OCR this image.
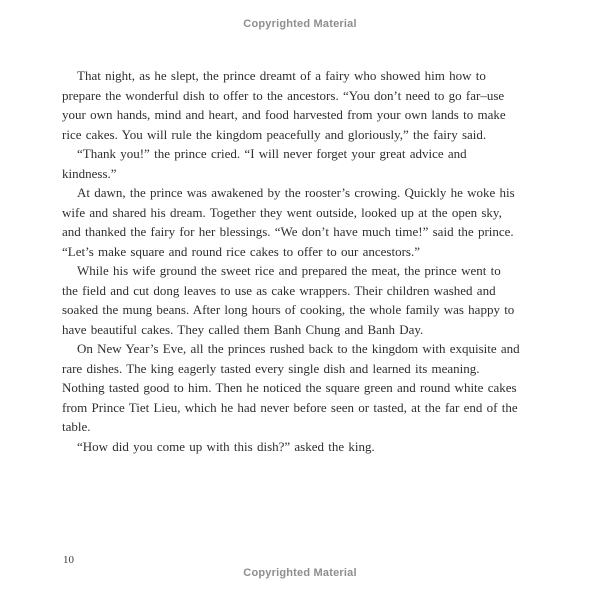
Copyrighted Material

That night, as he slept, the prince dreamt of a fairy who showed him how to prepare the wonderful dish to offer to the ancestors. “You don’t need to go far–use your own hands, mind and heart, and food harvested from your own lands to make rice cakes. You will rule the kingdom peacefully and gloriously,” the fairy said.

“Thank you!” the prince cried. “I will never forget your great advice and kindness.”

At dawn, the prince was awakened by the rooster’s crowing. Quickly he woke his wife and shared his dream. Together they went outside, looked up at the open sky, and thanked the fairy for her blessings. “We don’t have much time!” said the prince. “Let’s make square and round rice cakes to offer to our ancestors.”

While his wife ground the sweet rice and prepared the meat, the prince went to the field and cut dong leaves to use as cake wrappers. Their children washed and soaked the mung beans. After long hours of cooking, the whole family was happy to have beautiful cakes. They called them Banh Chung and Banh Day.

On New Year’s Eve, all the princes rushed back to the kingdom with exquisite and rare dishes. The king eagerly tasted every single dish and learned its meaning. Nothing tasted good to him. Then he noticed the square green and round white cakes from Prince Tiet Lieu, which he had never before seen or tasted, at the far end of the table.

“How did you come up with this dish?” asked the king.

10
Copyrighted Material
